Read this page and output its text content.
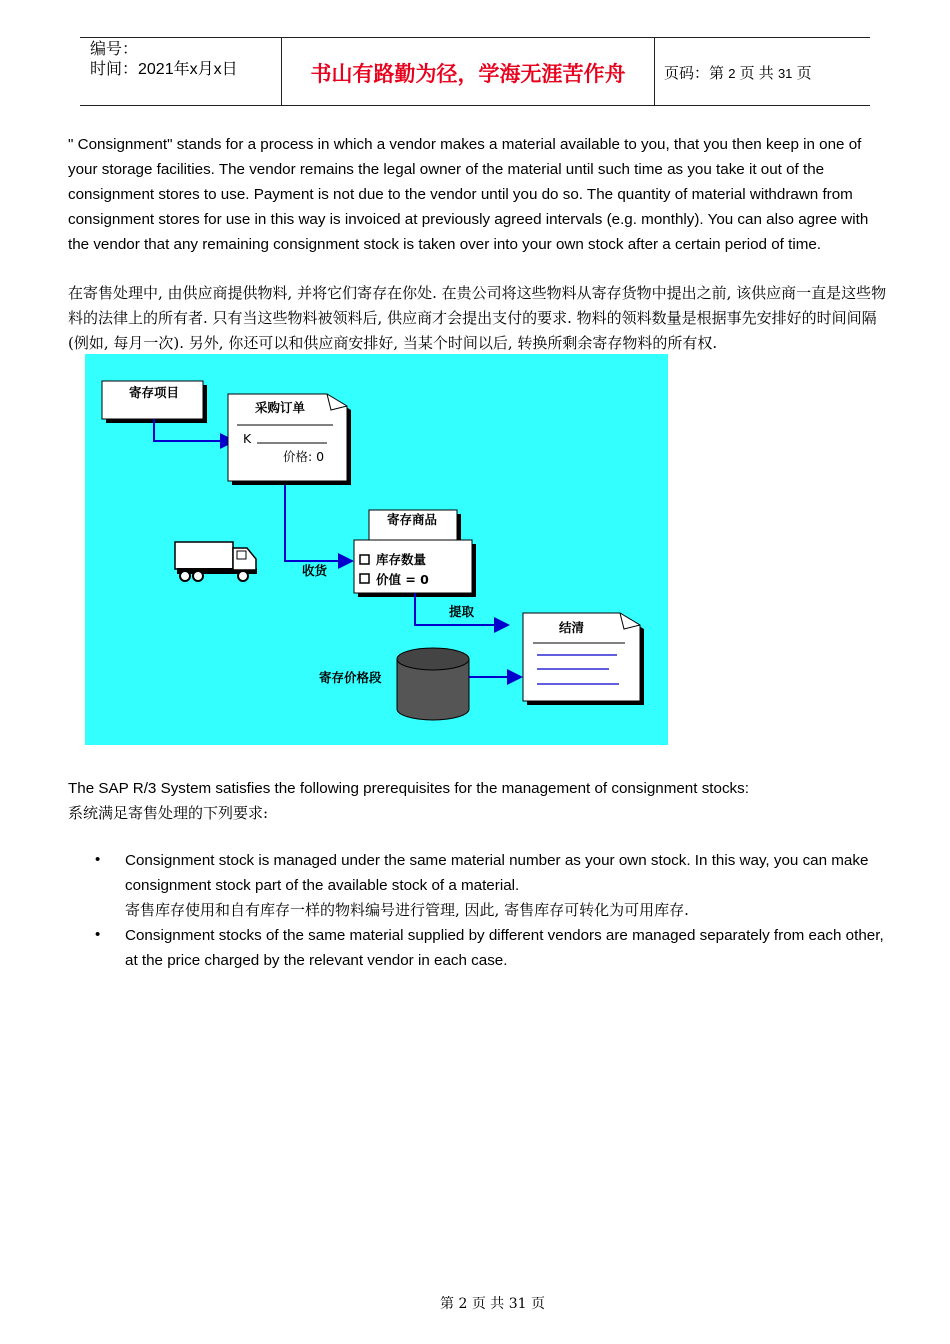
编号：
时间：2021年x月x日	书山有路勤为径，学海无涯苦作舟	页码：第 2 页 共 31 页
" Consignment" stands for a process in which a vendor makes a material available to you, that you then keep in one of your storage facilities. The vendor remains the legal owner of the material until such time as you take it out of the consignment stores to use. Payment is not due to the vendor until you do so. The quantity of material withdrawn from consignment stores for use in this way is invoiced at previously agreed intervals (e.g. monthly). You can also agree with the vendor that any remaining consignment stock is taken over into your own stock after a certain period of time.
在寄售处理中, 由供应商提供物料, 并将它们寄存在你处. 在贵公司将这些物料从寄存货物中提出之前, 该供应商一直是这些物料的法律上的所有者. 只有当这些物料被领料后, 供应商才会提出支付的要求. 物料的领料数量是根据事先安排好的时间间隔(例如, 每月一次). 另外, 你还可以和供应商安排好, 当某个时间以后, 转换所剩余寄存物料的所有权.
寄存项目
采购订单
K
价格: 0
收货
寄存商品
库存数量
价值 = 0
提取
结清
寄存价格段
The SAP R/3 System satisfies the following prerequisites for the management of consignment stocks:
系统满足寄售处理的下列要求:
• Consignment stock is managed under the same material number as your own stock. In this way, you can make consignment stock part of the available stock of a material.
寄售库存使用和自有库存一样的物料编号进行管理, 因此, 寄售库存可转化为可用库存.
• Consignment stocks of the same material supplied by different vendors are managed separately from each other, at the price charged by the relevant vendor in each case.
第 2 页 共 31 页
